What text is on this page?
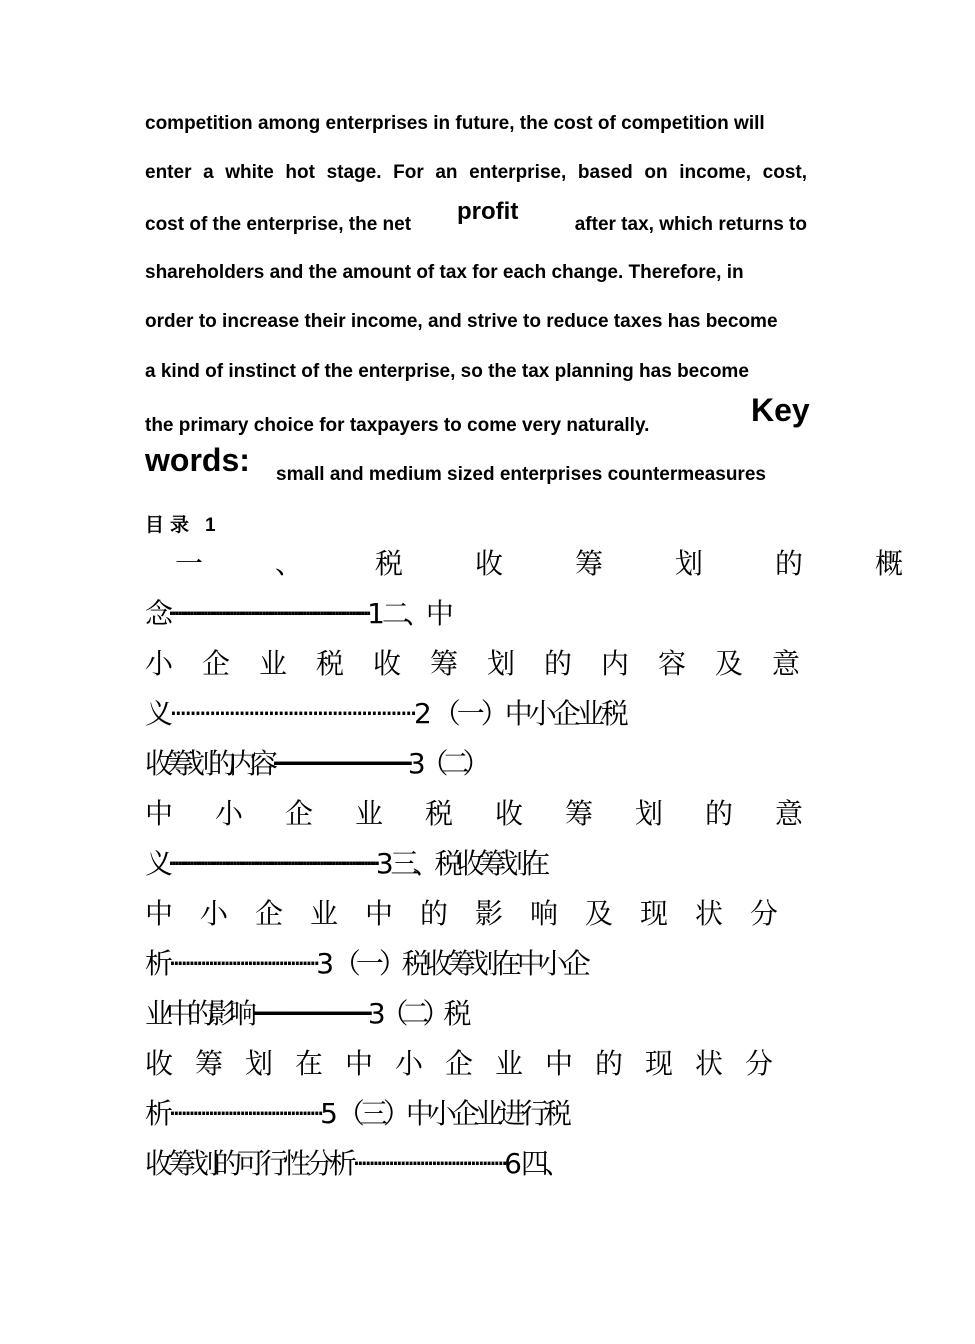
competition among enterprises in future, the cost of competition will
enter a white hot stage. For an enterprise, based on income, cost,
cost of the enterprise, the net profit	after tax, which returns to
shareholders and the amount of tax for each change. Therefore, in
order to increase their income, and strive to reduce taxes has become
a kind of instinct of the enterprise, so the tax planning has become
the primary choice for taxpayers to come very naturally.	Key
words: small and medium sized enterprises countermeasures
目录 1
一、税收筹划的概
念·····································································1 二、中
小企业税收筹划的内容及意
义··················································2 （一）中小企业税
收筹划的内容········································································3 （二）
中小企业税收筹划的意
义········································································3 三、税收筹划在
中小企业中的影响及现状分
析······································3 （一）税收筹划在中小企
业中的影响······························································3 （二）税
收筹划在中小企业中的现状分
析·······································5 （三）中小企业进行税
收筹划的可行性分析·······································6 四、
